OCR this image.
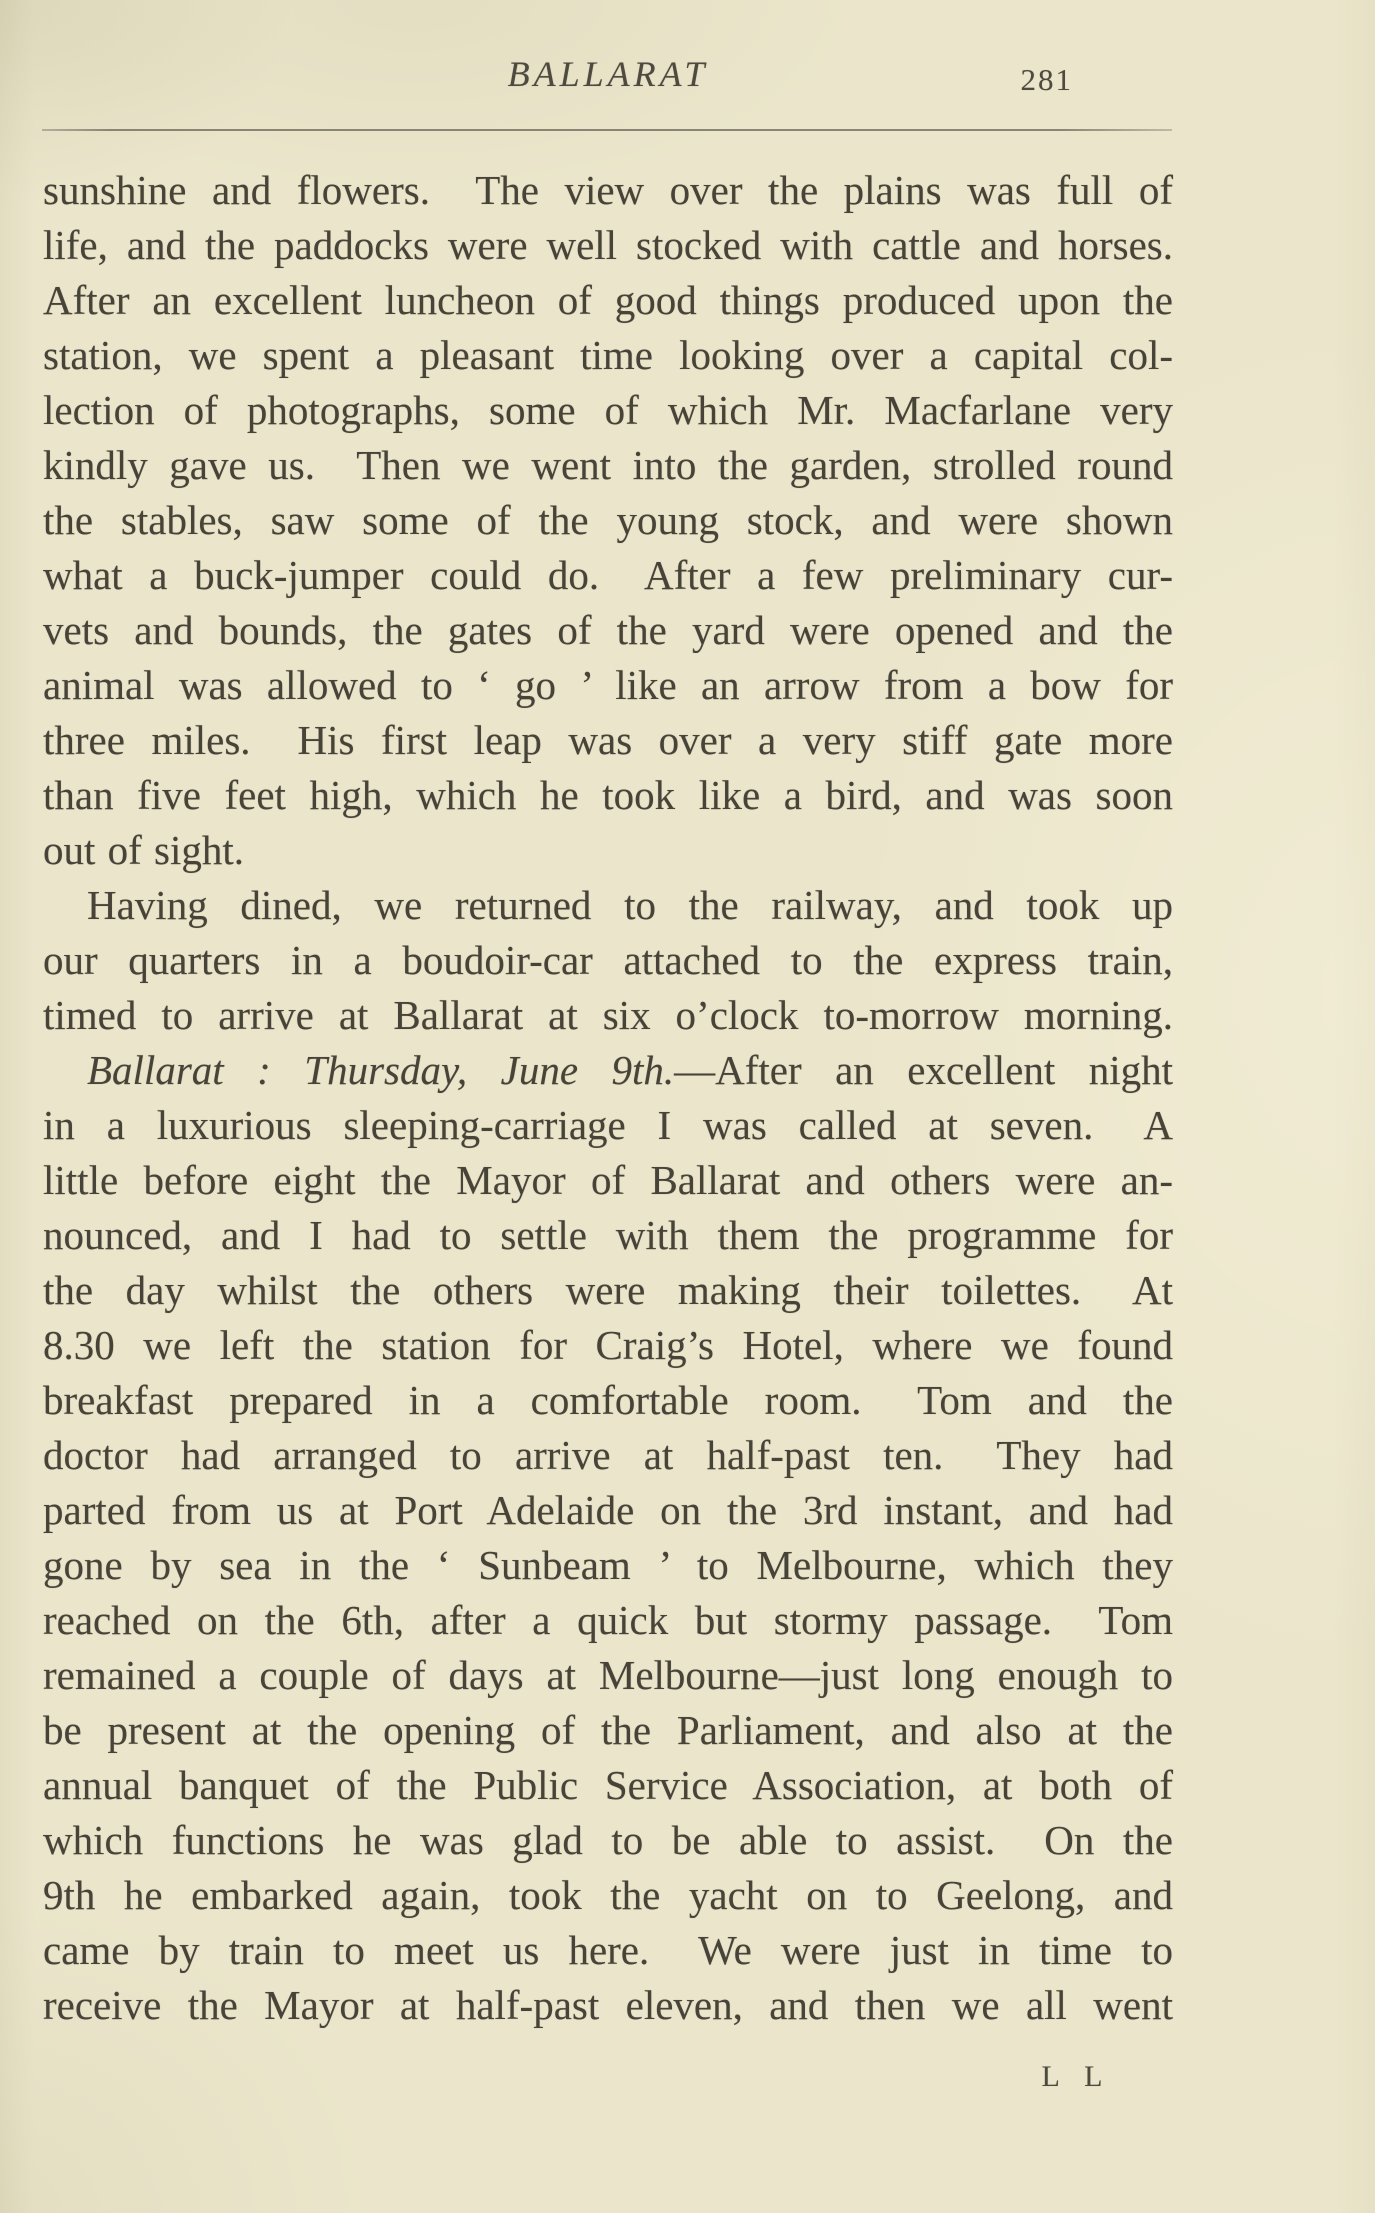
BALLARAT	281
sunshine and flowers.  The view over the plains was full of
life, and the paddocks were well stocked with cattle and horses.
After an excellent luncheon of good things produced upon the
station, we spent a pleasant time looking over a capital col-
lection of photographs, some of which Mr. Macfarlane very
kindly gave us.  Then we went into the garden, strolled round
the stables, saw some of the young stock, and were shown
what a buck-jumper could do.  After a few preliminary cur-
vets and bounds, the gates of the yard were opened and the
animal was allowed to ‘ go ’ like an arrow from a bow for
three miles.  His first leap was over a very stiff gate more
than five feet high, which he took like a bird, and was soon
out of sight.
Having dined, we returned to the railway, and took up
our quarters in a boudoir-car attached to the express train,
timed to arrive at Ballarat at six o’clock to-morrow morning.
Ballarat : Thursday, June 9th.—After an excellent night
in a luxurious sleeping-carriage I was called at seven.  A
little before eight the Mayor of Ballarat and others were an-
nounced, and I had to settle with them the programme for
the day whilst the others were making their toilettes.  At
8.30 we left the station for Craig’s Hotel, where we found
breakfast prepared in a comfortable room.  Tom and the
doctor had arranged to arrive at half-past ten.  They had
parted from us at Port Adelaide on the 3rd instant, and had
gone by sea in the ‘ Sunbeam ’ to Melbourne, which they
reached on the 6th, after a quick but stormy passage.  Tom
remained a couple of days at Melbourne—just long enough to
be present at the opening of the Parliament, and also at the
annual banquet of the Public Service Association, at both of
which functions he was glad to be able to assist.  On the
9th he embarked again, took the yacht on to Geelong, and
came by train to meet us here.  We were just in time to
receive the Mayor at half-past eleven, and then we all went
L L
